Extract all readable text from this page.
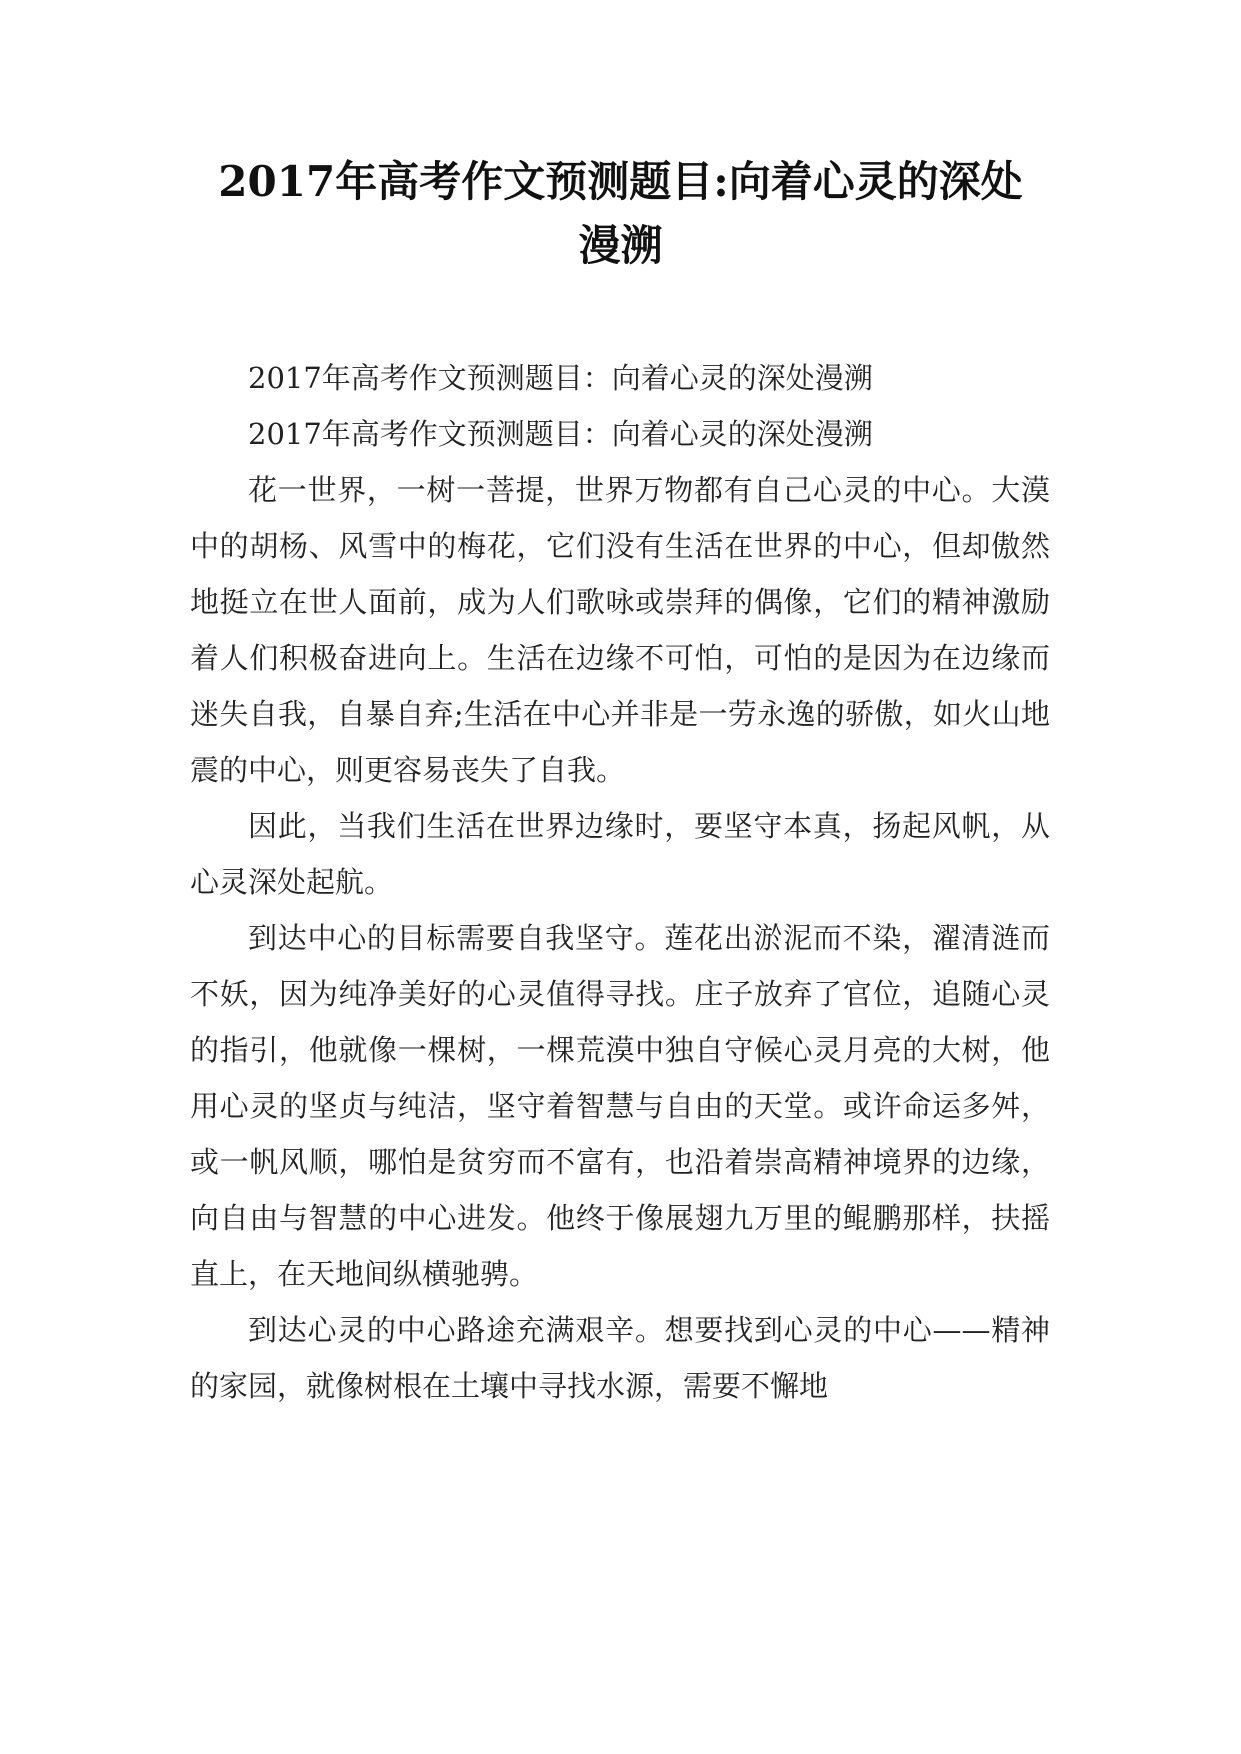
2017年高考作文预测题目:向着心灵的深处
漫溯

2017年高考作文预测题目：向着心灵的深处漫溯

2017年高考作文预测题目：向着心灵的深处漫溯

花一世界，一树一菩提，世界万物都有自己心灵的中心。大漠中的胡杨、风雪中的梅花，它们没有生活在世界的中心，但却傲然地挺立在世人面前，成为人们歌咏或崇拜的偶像，它们的精神激励着人们积极奋进向上。生活在边缘不可怕，可怕的是因为在边缘而迷失自我，自暴自弃;生活在中心并非是一劳永逸的骄傲，如火山地震的中心，则更容易丧失了自我。

因此，当我们生活在世界边缘时，要坚守本真，扬起风帆，从心灵深处起航。

到达中心的目标需要自我坚守。莲花出淤泥而不染，濯清涟而不妖，因为纯净美好的心灵值得寻找。庄子放弃了官位，追随心灵的指引，他就像一棵树，一棵荒漠中独自守候心灵月亮的大树，他用心灵的坚贞与纯洁，坚守着智慧与自由的天堂。或许命运多舛，或一帆风顺，哪怕是贫穷而不富有，也沿着崇高精神境界的边缘，向自由与智慧的中心进发。他终于像展翅九万里的鲲鹏那样，扶摇直上，在天地间纵横驰骋。

到达心灵的中心路途充满艰辛。想要找到心灵的中心——精神的家园，就像树根在土壤中寻找水源，需要不懈地
